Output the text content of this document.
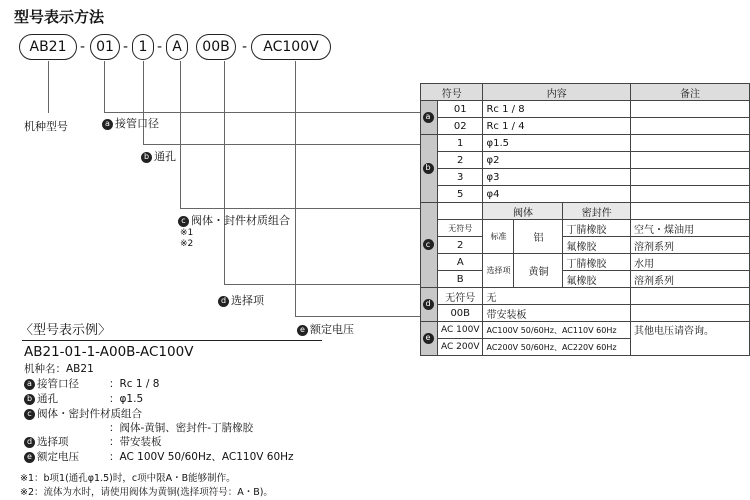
型号表示方法
AB21 - 01 - 1 - A	00B -	AC100V
机种型号	a 接管口径
b 通孔
c 阀体・封件材质组合
※1
※2
d 选择项
e 额定电压
符号		内容			备注
a	01	Rc 1 / 8			
	02	Rc 1 / 4			
b	1	φ1.5			
	2	φ2			
	3	φ3			
	5	φ4			
c		阀体		密封件	
	无符号	标准	铝	丁腈橡胶	空气・煤油用
	2			氟橡胶	溶剂系列
	A	选择项	黄铜	丁腈橡胶	水用
	B			氟橡胶	溶剂系列
d	无符号	无			
	00B	带安装板			
e	AC 100V	AC100V 50/60Hz、AC110V 60Hz			其他电压请咨询。
	AC 200V	AC200V 50/60Hz、AC220V 60Hz			
〈型号表示例〉
AB21-01-1-A00B-AC100V
机种名：AB21
a 接管口径	：Rc 1 / 8
b 通孔	：φ1.5
c 阀体・密封件材质组合
：阀体-黄铜、密封件-丁腈橡胶

d 选择项	：带安装板
e 额定电压	：AC 100V 50/60Hz、AC110V 60Hz
※1：b项1(通孔φ1.5)时，c项中限A・B能够制作。
※2：流体为水时，请使用阀体为黄铜(选择项符号：A・B)。
